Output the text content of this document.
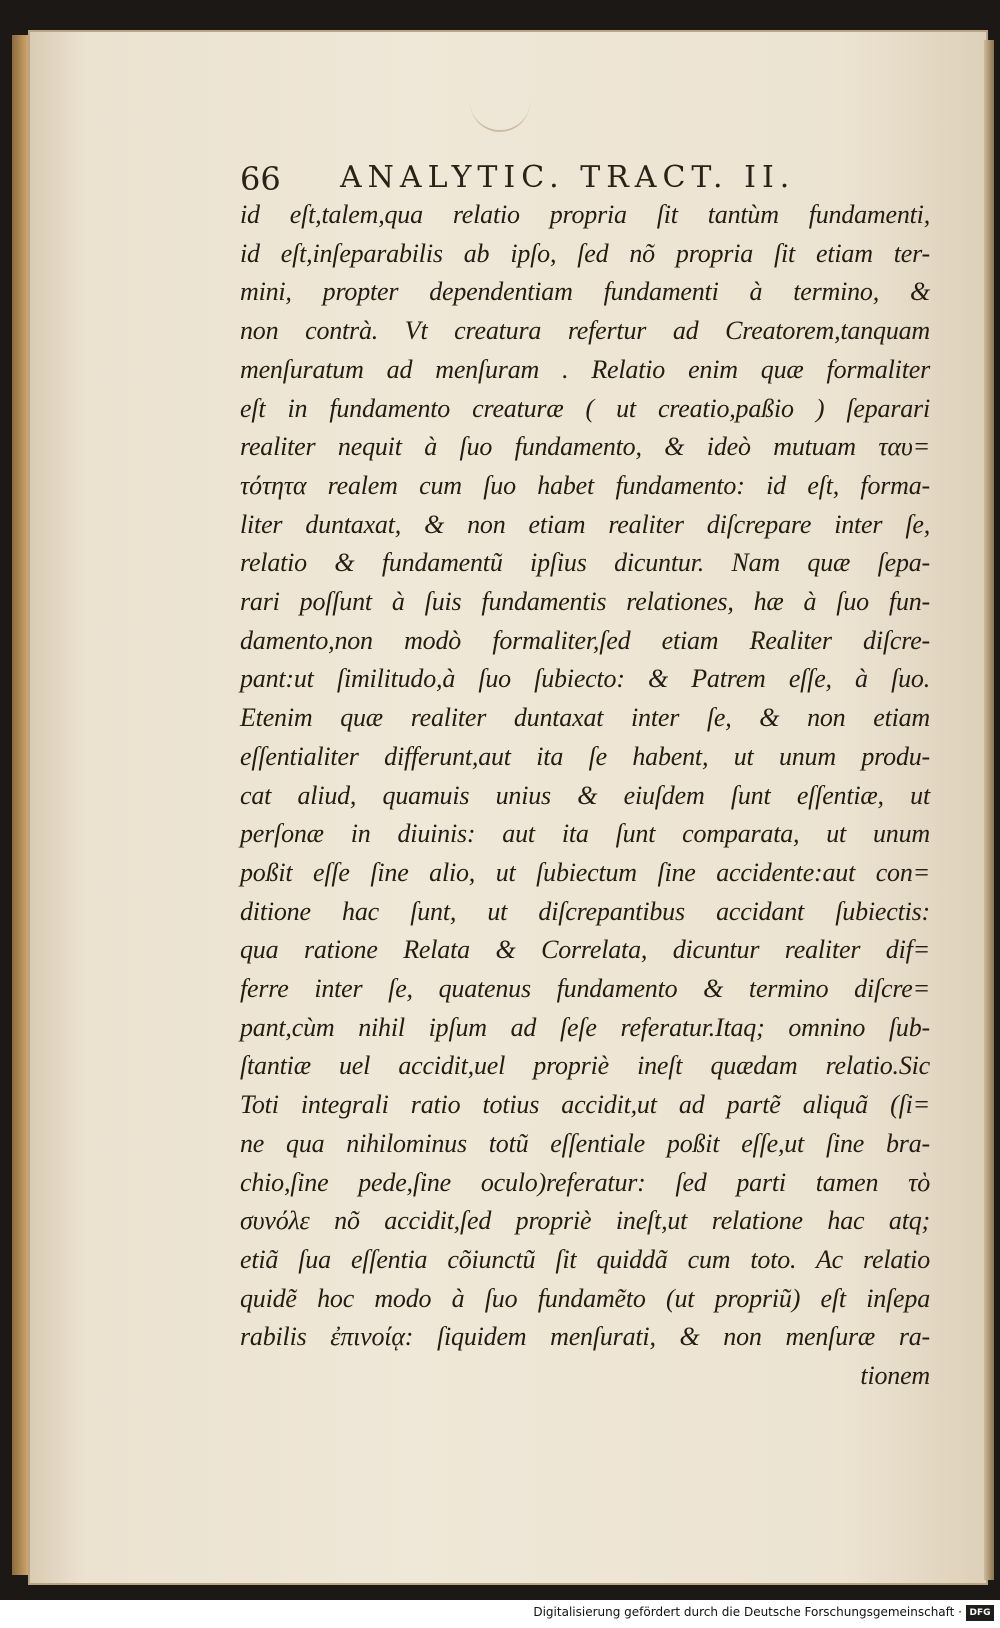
66 ANALYTIC. TRACT. II.
id eſt,talem,qua relatio propria ſit tantùm fundamenti,
id eſt,inſeparabilis ab ipſo, ſed nõ propria ſit etiam ter-
mini, propter dependentiam fundamenti à termino, &
non contrà. Vt creatura refertur ad Creatorem,tanquam
menſuratum ad menſuram . Relatio enim quæ formaliter
eſt in fundamento creaturæ ( ut creatio,paßio ) ſeparari
realiter nequit à ſuo fundamento, & ideò mutuam ταυ=
τότητα realem cum ſuo habet fundamento: id eſt, forma-
liter duntaxat, & non etiam realiter diſcrepare inter ſe,
relatio & fundamentũ ipſius dicuntur. Nam quæ ſepa-
rari poſſunt à ſuis fundamentis relationes, hæ à ſuo fun-
damento,non modò formaliter,ſed etiam Realiter diſcre-
pant:ut ſimilitudo,à ſuo ſubiecto: & Patrem eſſe, à ſuo.
Etenim quæ realiter duntaxat inter ſe, & non etiam
eſſentialiter differunt,aut ita ſe habent, ut unum produ-
cat aliud, quamuis unius & eiuſdem ſunt eſſentiæ, ut
perſonæ in diuinis: aut ita ſunt comparata, ut unum
poßit eſſe ſine alio, ut ſubiectum ſine accidente:aut con=
ditione hac ſunt, ut diſcrepantibus accidant ſubiectis:
qua ratione Relata & Correlata, dicuntur realiter dif=
ferre inter ſe, quatenus fundamento & termino diſcre=
pant,cùm nihil ipſum ad ſeſe referatur.Itaq; omnino ſub-
ſtantiæ uel accidit,uel propriè ineſt quædam relatio.Sic
Toti integrali ratio totius accidit,ut ad partẽ aliquã (ſi=
ne qua nihilominus totũ eſſentiale poßit eſſe,ut ſine bra-
chio,ſine pede,ſine oculo)referatur: ſed parti tamen τὸ
συνόλε nõ accidit,ſed propriè ineſt,ut relatione hac atq;
etiã ſua eſſentia cõiunctũ ſit quiddã cum toto. Ac relatio
quidẽ hoc modo à ſuo fundamẽto (ut propriũ) eſt inſepa
rabilis ἐπινοίᾳ: ſiquidem menſurati, & non menſuræ ra-
tionem
Digitalisierung gefördert durch die Deutsche Forschungsgemeinschaft · DFG
